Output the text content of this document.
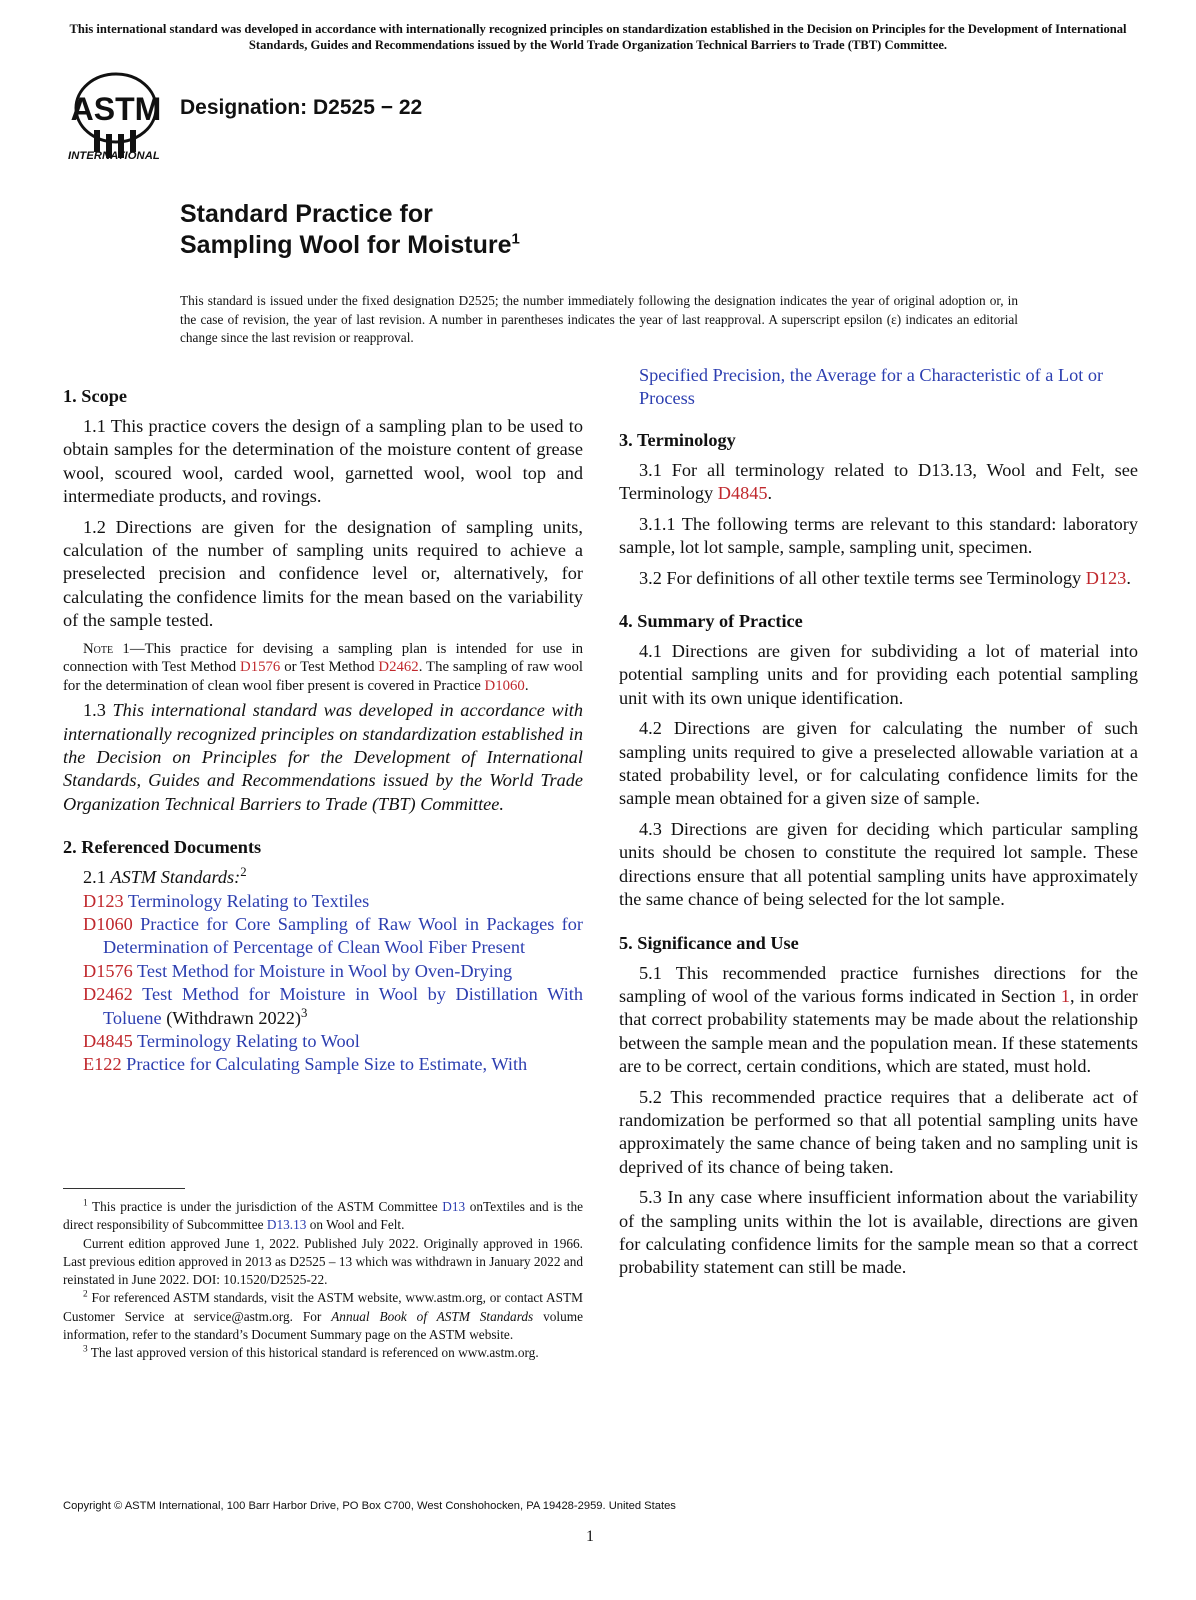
This international standard was developed in accordance with internationally recognized principles on standardization established in the Decision on Principles for the Development of International Standards, Guides and Recommendations issued by the World Trade Organization Technical Barriers to Trade (TBT) Committee.
ASTM
INTERNATIONAL
Designation: D2525 − 22
Standard Practice for
Sampling Wool for Moisture$^1$
This standard is issued under the fixed designation D2525; the number immediately following the designation indicates the year of original adoption or, in the case of revision, the year of last revision. A number in parentheses indicates the year of last reapproval. A superscript epsilon (ε) indicates an editorial change since the last revision or reapproval.
1. Scope

1.1 This practice covers the design of a sampling plan to be used to obtain samples for the determination of the moisture content of grease wool, scoured wool, carded wool, garnetted wool, wool top and intermediate products, and rovings.

1.2 Directions are given for the designation of sampling units, calculation of the number of sampling units required to achieve a preselected precision and confidence level or, alternatively, for calculating the confidence limits for the mean based on the variability of the sample tested.

Note 1—This practice for devising a sampling plan is intended for use in connection with Test Method D1576 or Test Method D2462. The sampling of raw wool for the determination of clean wool fiber present is covered in Practice D1060.

1.3 This international standard was developed in accordance with internationally recognized principles on standardization established in the Decision on Principles for the Development of International Standards, Guides and Recommendations issued by the World Trade Organization Technical Barriers to Trade (TBT) Committee.

2. Referenced Documents

2.1 ASTM Standards:$^2$

D123 Terminology Relating to Textiles

D1060 Practice for Core Sampling of Raw Wool in Packages for Determination of Percentage of Clean Wool Fiber Present

D1576 Test Method for Moisture in Wool by Oven-Drying

D2462 Test Method for Moisture in Wool by Distillation With Toluene (Withdrawn 2022)$^3$

D4845 Terminology Relating to Wool

E122 Practice for Calculating Sample Size to Estimate, With

$^1$ This practice is under the jurisdiction of the ASTM Committee D13 onTextiles and is the direct responsibility of Subcommittee D13.13 on Wool and Felt.

Current edition approved June 1, 2022. Published July 2022. Originally approved in 1966. Last previous edition approved in 2013 as D2525 – 13 which was withdrawn in January 2022 and reinstated in June 2022. DOI: 10.1520/D2525-22.

$^2$ For referenced ASTM standards, visit the ASTM website, www.astm.org, or contact ASTM Customer Service at service@astm.org. For Annual Book of ASTM Standards volume information, refer to the standard’s Document Summary page on the ASTM website.

$^3$ The last approved version of this historical standard is referenced on www.astm.org.

Specified Precision, the Average for a Characteristic of a Lot or Process

3. Terminology

3.1 For all terminology related to D13.13, Wool and Felt, see Terminology D4845.

3.1.1 The following terms are relevant to this standard: laboratory sample, lot lot sample, sample, sampling unit, specimen.

3.2 For definitions of all other textile terms see Terminology D123.

4. Summary of Practice

4.1 Directions are given for subdividing a lot of material into potential sampling units and for providing each potential sampling unit with its own unique identification.

4.2 Directions are given for calculating the number of such sampling units required to give a preselected allowable variation at a stated probability level, or for calculating confidence limits for the sample mean obtained for a given size of sample.

4.3 Directions are given for deciding which particular sampling units should be chosen to constitute the required lot sample. These directions ensure that all potential sampling units have approximately the same chance of being selected for the lot sample.

5. Significance and Use

5.1 This recommended practice furnishes directions for the sampling of wool of the various forms indicated in Section 1, in order that correct probability statements may be made about the relationship between the sample mean and the population mean. If these statements are to be correct, certain conditions, which are stated, must hold.

5.2 This recommended practice requires that a deliberate act of randomization be performed so that all potential sampling units have approximately the same chance of being taken and no sampling unit is deprived of its chance of being taken.

5.3 In any case where insufficient information about the variability of the sampling units within the lot is available, directions are given for calculating confidence limits for the sample mean so that a correct probability statement can still be made.

Copyright © ASTM International, 100 Barr Harbor Drive, PO Box C700, West Conshohocken, PA 19428-2959. United States
1
